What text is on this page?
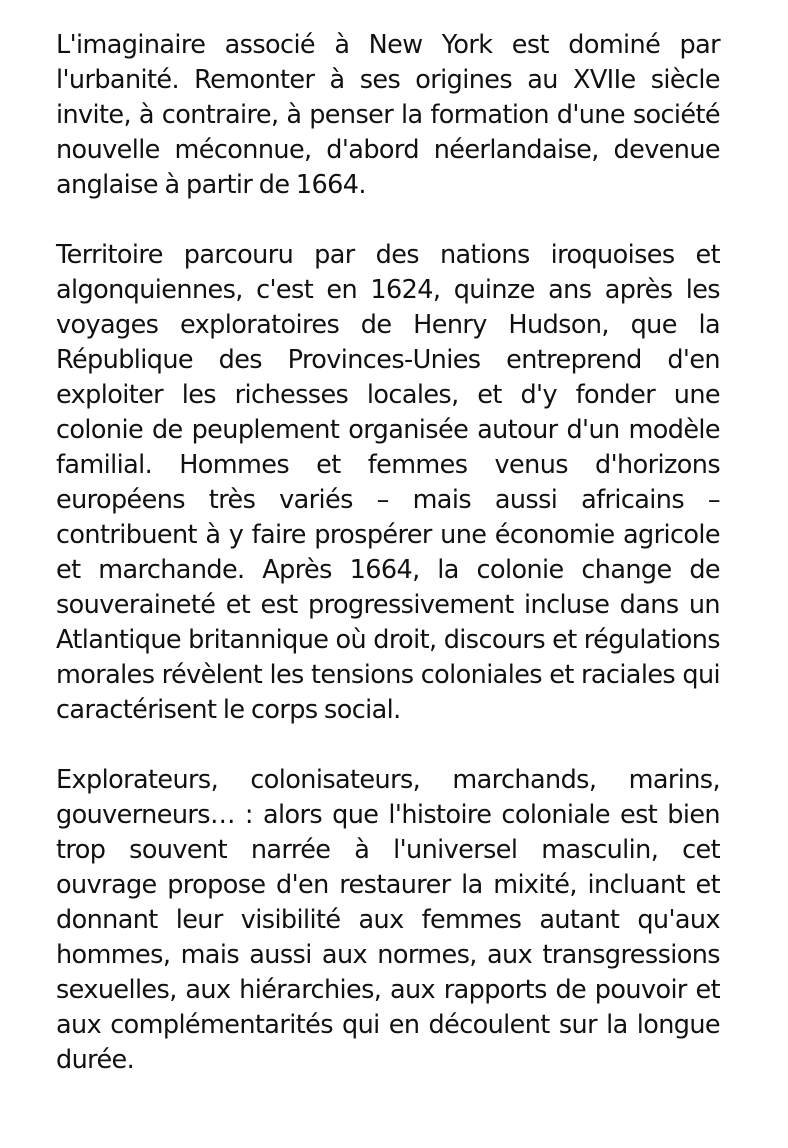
L'imaginaire associé à New York est dominé par l'urbanité. Remonter à ses origines au XVIIe siècle invite, à contraire, à penser la formation d'une société nouvelle méconnue, d'abord néerlandaise, devenue anglaise à partir de 1664.

Territoire parcouru par des nations iroquoises et algonquiennes, c'est en 1624, quinze ans après les voyages exploratoires de Henry Hudson, que la République des Provinces-Unies entreprend d'en exploiter les richesses locales, et d'y fonder une colonie de peuplement organisée autour d'un modèle familial. Hommes et femmes venus d'horizons européens très variés – mais aussi africains – contribuent à y faire prospérer une économie agricole et marchande. Après 1664, la colonie change de souveraineté et est progressivement incluse dans un Atlantique britannique où droit, discours et régulations morales révèlent les tensions coloniales et raciales qui caractérisent le corps social.

Explorateurs, colonisateurs, marchands, marins, gouverneurs… : alors que l'histoire coloniale est bien trop souvent narrée à l'universel masculin, cet ouvrage propose d'en restaurer la mixité, incluant et donnant leur visibilité aux femmes autant qu'aux hommes, mais aussi aux normes, aux transgressions sexuelles, aux hiérarchies, aux rapports de pouvoir et aux complémentarités qui en découlent sur la longue durée.
